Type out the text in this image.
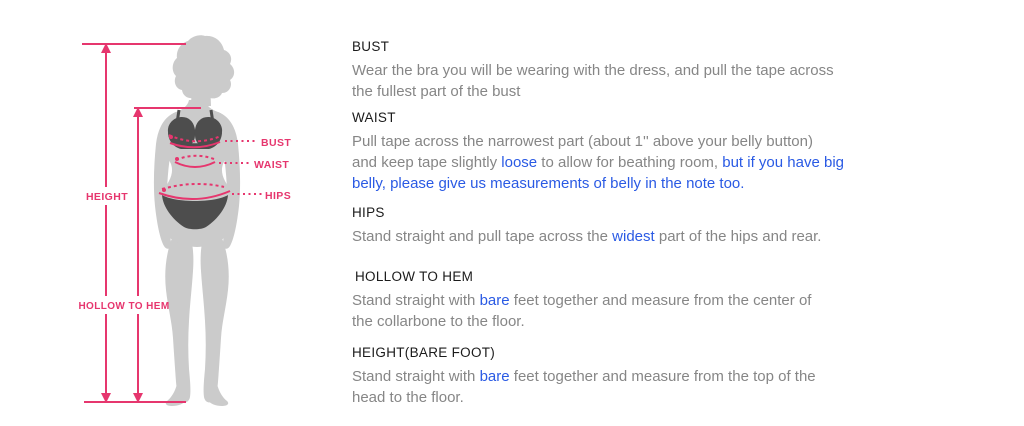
HEIGHT
HOLLOW TO HEM
BUST
WAIST
HIPS
BUST
Wear the bra you will be wearing with the dress, and pull the tape across
the fullest part of the bust
WAIST
Pull tape across the narrowest part (about 1'' above your belly button)
and keep tape slightly loose to allow for beathing room, but if you have big
belly, please give us measurements of belly in the note too.
HIPS
Stand straight and pull tape across the widest part of the hips and rear.
HOLLOW TO HEM
Stand straight with bare feet together and measure from the center of
the collarbone to the floor.
HEIGHT(BARE FOOT)
Stand straight with bare feet together and measure from the top of the
head to the floor.
